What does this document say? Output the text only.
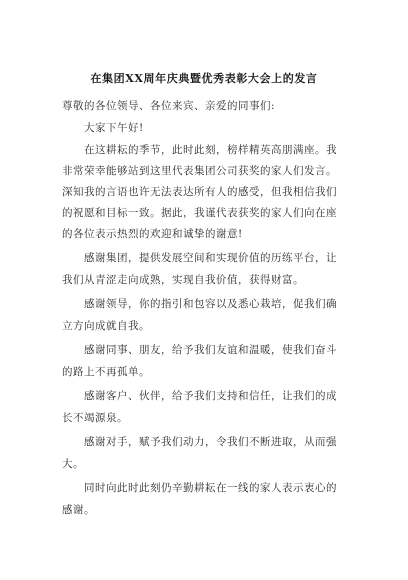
在集团XX周年庆典暨优秀表彰大会上的发言
尊敬的各位领导、各位来宾、亲爱的同事们:
大家下午好!
在这耕耘的季节，此时此刻，榜样精英高朋满座。我
非常荣幸能够站到这里代表集团公司获奖的家人们发言。
深知我的言语也许无法表达所有人的感受，但我相信我们
的祝愿和目标一致。据此，我谨代表获奖的家人们向在座
的各位表示热烈的欢迎和诚挚的谢意!
感谢集团，提供发展空间和实现价值的历练平台，让
我们从青涩走向成熟，实现自我价值，获得财富。
感谢领导，你的指引和包容以及悉心栽培，促我们确
立方向成就自我。
感谢同事、朋友，给予我们友谊和温暖，使我们奋斗
的路上不再孤单。
感谢客户、伙伴，给予我们支持和信任，让我们的成
长不竭源泉。
感谢对手，赋予我们动力，令我们不断进取，从而强
大。
同时向此时此刻仍辛勤耕耘在一线的家人表示衷心的
感谢。
